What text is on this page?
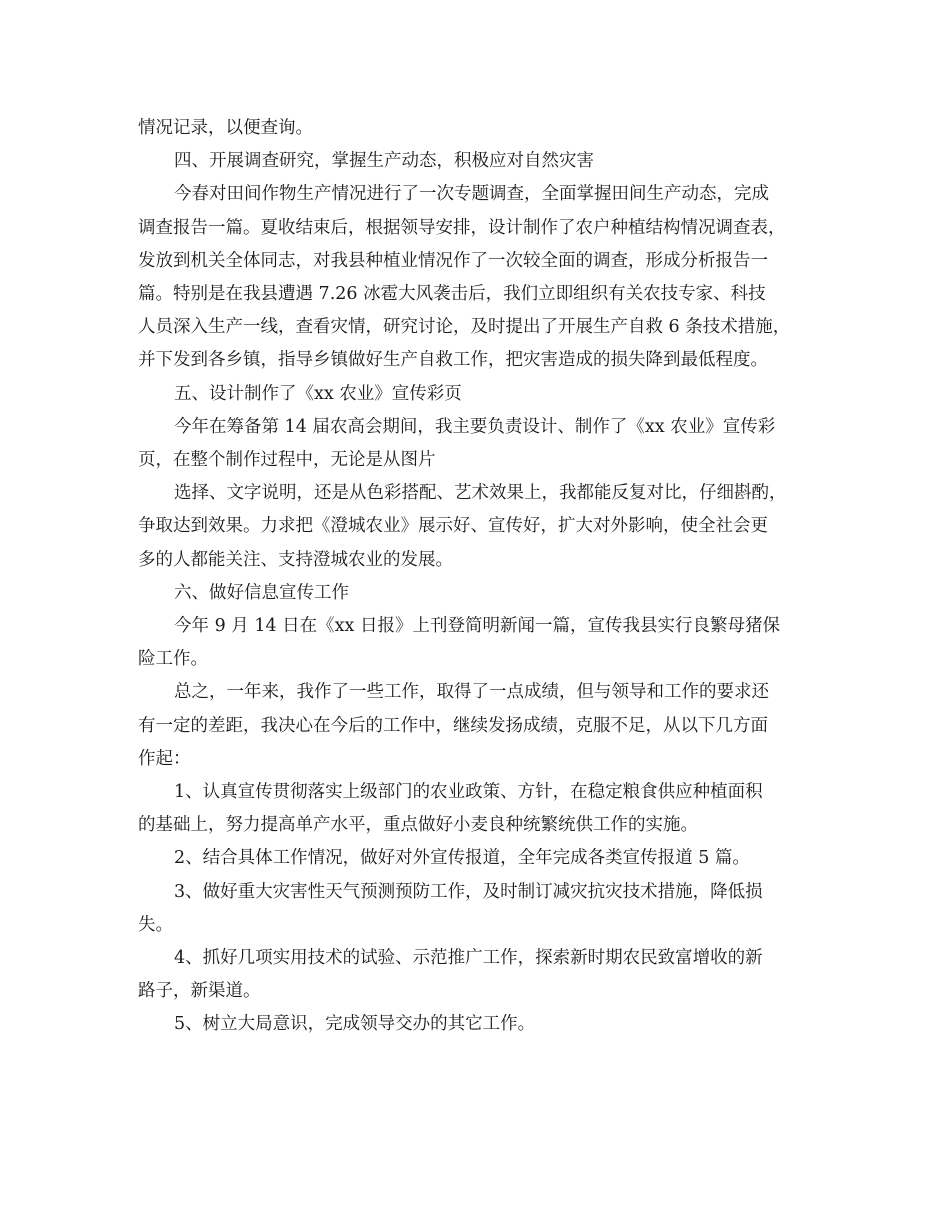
情况记录，以便查询。

四、开展调查研究，掌握生产动态，积极应对自然灾害

今春对田间作物生产情况进行了一次专题调查，全面掌握田间生产动态，完成

调查报告一篇。夏收结束后，根据领导安排，设计制作了农户种植结构情况调查表，

发放到机关全体同志，对我县种植业情况作了一次较全面的调查，形成分析报告一

篇。特别是在我县遭遇 7.26 冰雹大风袭击后，我们立即组织有关农技专家、科技

人员深入生产一线，查看灾情，研究讨论，及时提出了开展生产自救 6 条技术措施，

并下发到各乡镇，指导乡镇做好生产自救工作，把灾害造成的损失降到最低程度。

五、设计制作了《xx 农业》宣传彩页

今年在筹备第 14 届农高会期间，我主要负责设计、制作了《xx 农业》宣传彩

页，在整个制作过程中，无论是从图片

选择、文字说明，还是从色彩搭配、艺术效果上，我都能反复对比，仔细斟酌，

争取达到效果。力求把《澄城农业》展示好、宣传好，扩大对外影响，使全社会更

多的人都能关注、支持澄城农业的发展。

六、做好信息宣传工作

今年 9 月 14 日在《xx 日报》上刊登简明新闻一篇，宣传我县实行良繁母猪保

险工作。

总之，一年来，我作了一些工作，取得了一点成绩，但与领导和工作的要求还

有一定的差距，我决心在今后的工作中，继续发扬成绩，克服不足，从以下几方面

作起：

1、认真宣传贯彻落实上级部门的农业政策、方针，在稳定粮食供应种植面积

的基础上，努力提高单产水平，重点做好小麦良种统繁统供工作的实施。

2、结合具体工作情况，做好对外宣传报道，全年完成各类宣传报道 5 篇。

3、做好重大灾害性天气预测预防工作，及时制订减灾抗灾技术措施，降低损

失。

4、抓好几项实用技术的试验、示范推广工作，探索新时期农民致富增收的新

路子，新渠道。

5、树立大局意识，完成领导交办的其它工作。
